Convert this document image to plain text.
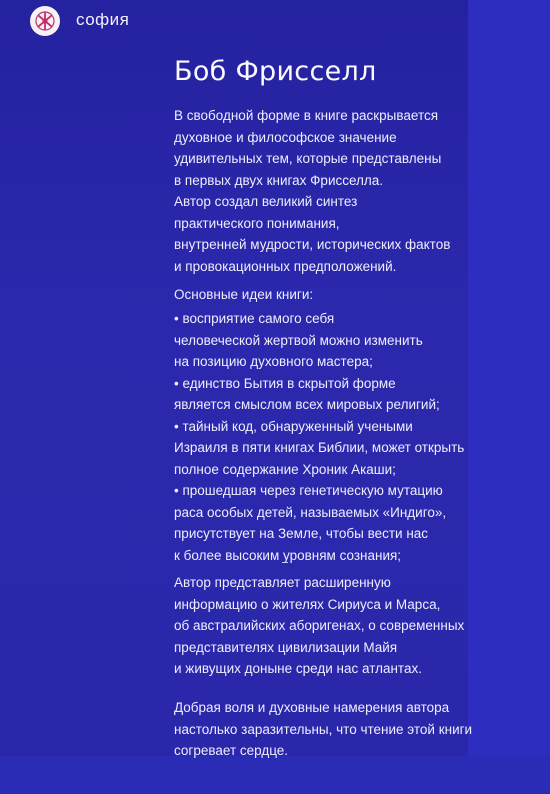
софия
Боб Фрисселл
В свободной форме в книге раскрывается
духовное и философское значение
удивительных тем, которые представлены
в первых двух книгах Фрисселла.
Автор создал великий синтез
практического понимания,
внутренней мудрости, исторических фактов
и провокационных предположений.
Основные идеи книги:
• восприятие самого себя
человеческой жертвой можно изменить
на позицию духовного мастера;
• единство Бытия в скрытой форме
является смыслом всех мировых религий;
• тайный код, обнаруженный учеными
Израиля в пяти книгах Библии, может открыть
полное содержание Хроник Акаши;
• прошедшая через генетическую мутацию
раса особых детей, называемых «Индиго»,
присутствует на Земле, чтобы вести нас
к более высоким уровням сознания;
Автор представляет расширенную
информацию о жителях Сириуса и Марса,
об австралийских аборигенах, о современных
представителях цивилизации Майя
и живущих доныне среди нас атлантах.
Добрая воля и духовные намерения автора
настолько заразительны, что чтение этой книги
согревает сердце.
